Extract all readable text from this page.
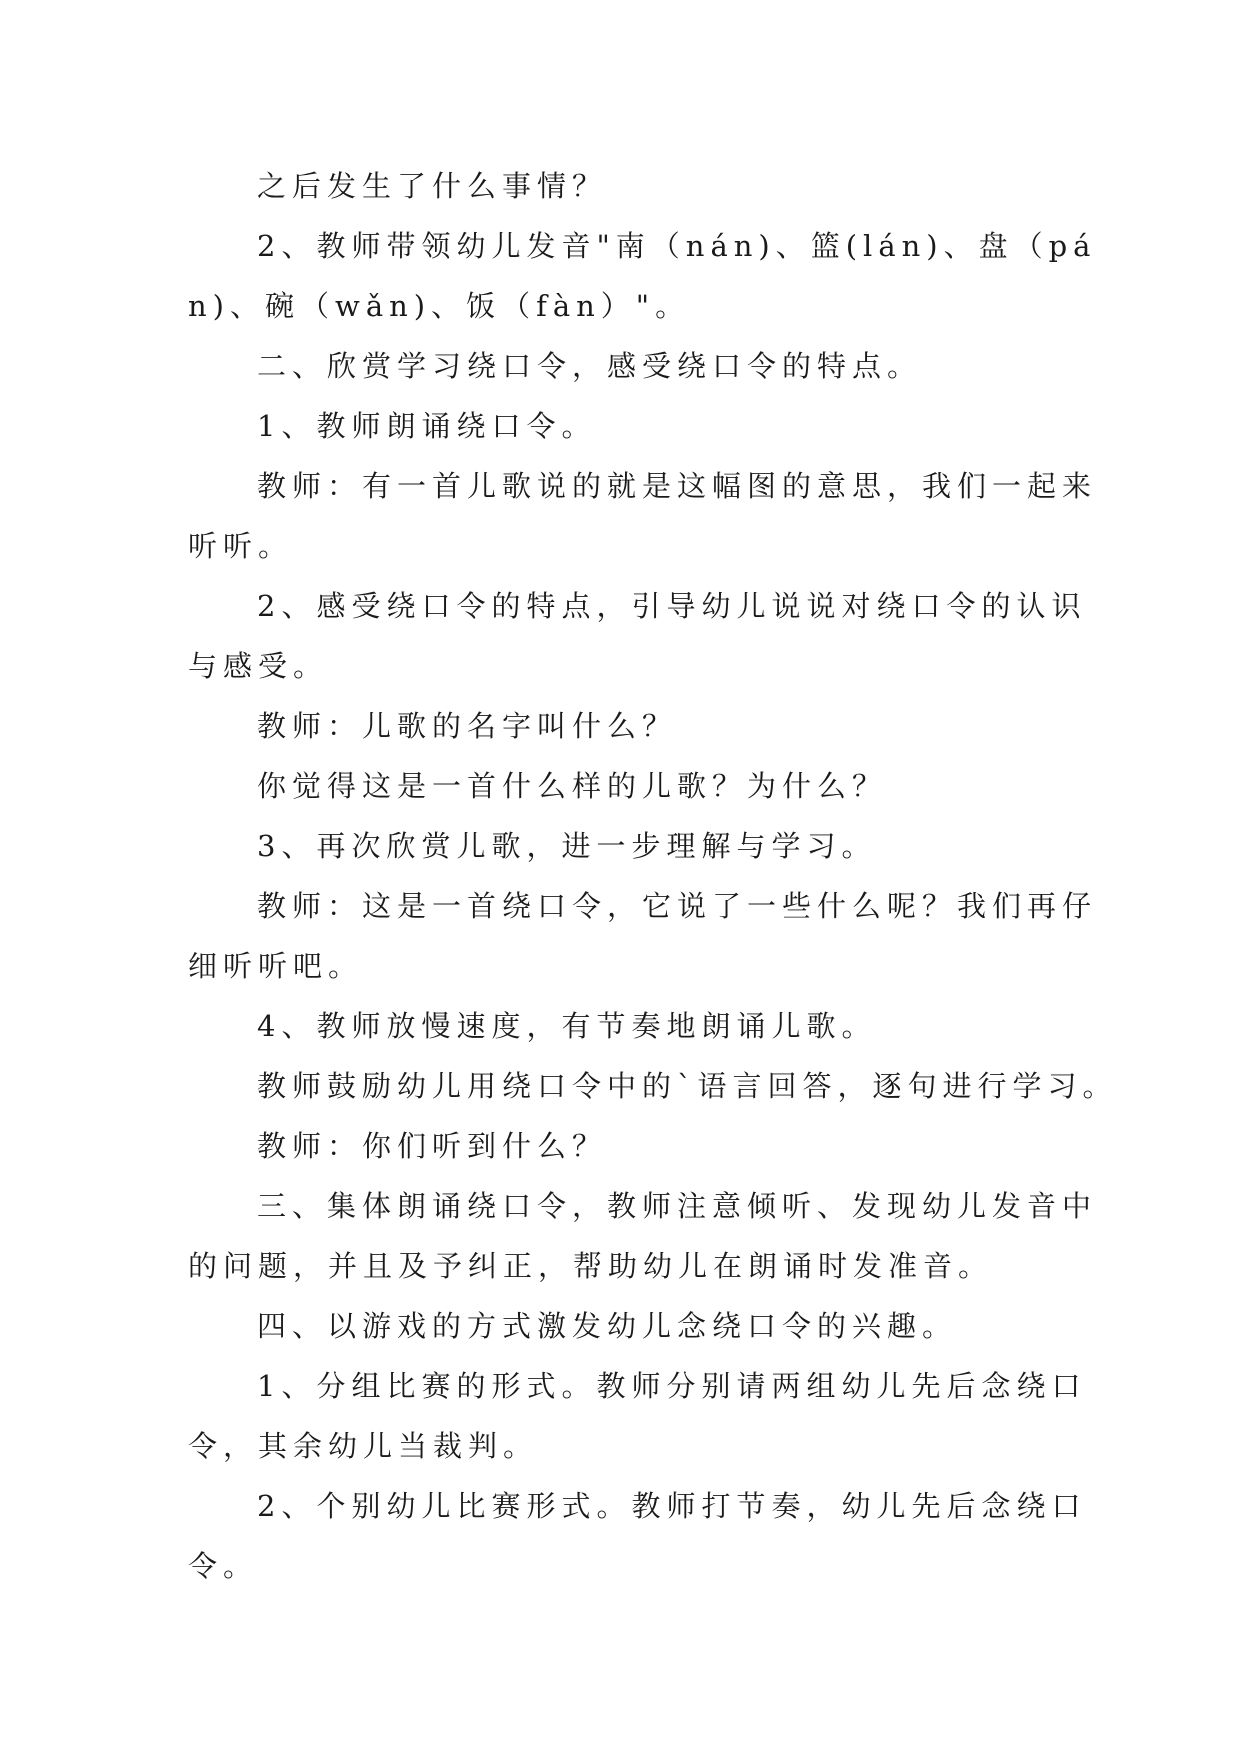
之后发生了什么事情？
2、教师带领幼儿发音"南（nán)、篮(lán)、盘（pá
n)、碗（wǎn)、饭（fàn）"。
二、欣赏学习绕口令，感受绕口令的特点。
1、教师朗诵绕口令。
教师：有一首儿歌说的就是这幅图的意思，我们一起来
听听。
2、感受绕口令的特点，引导幼儿说说对绕口令的认识
与感受。
教师：儿歌的名字叫什么？
你觉得这是一首什么样的儿歌？为什么？
3、再次欣赏儿歌，进一步理解与学习。
教师：这是一首绕口令，它说了一些什么呢？我们再仔
细听听吧。
4、教师放慢速度，有节奏地朗诵儿歌。
教师鼓励幼儿用绕口令中的`语言回答，逐句进行学习。
教师：你们听到什么？
三、集体朗诵绕口令，教师注意倾听、发现幼儿发音中
的问题，并且及予纠正，帮助幼儿在朗诵时发准音。
四、以游戏的方式激发幼儿念绕口令的兴趣。
1、分组比赛的形式。教师分别请两组幼儿先后念绕口
令，其余幼儿当裁判。
2、个别幼儿比赛形式。教师打节奏，幼儿先后念绕口
令。
